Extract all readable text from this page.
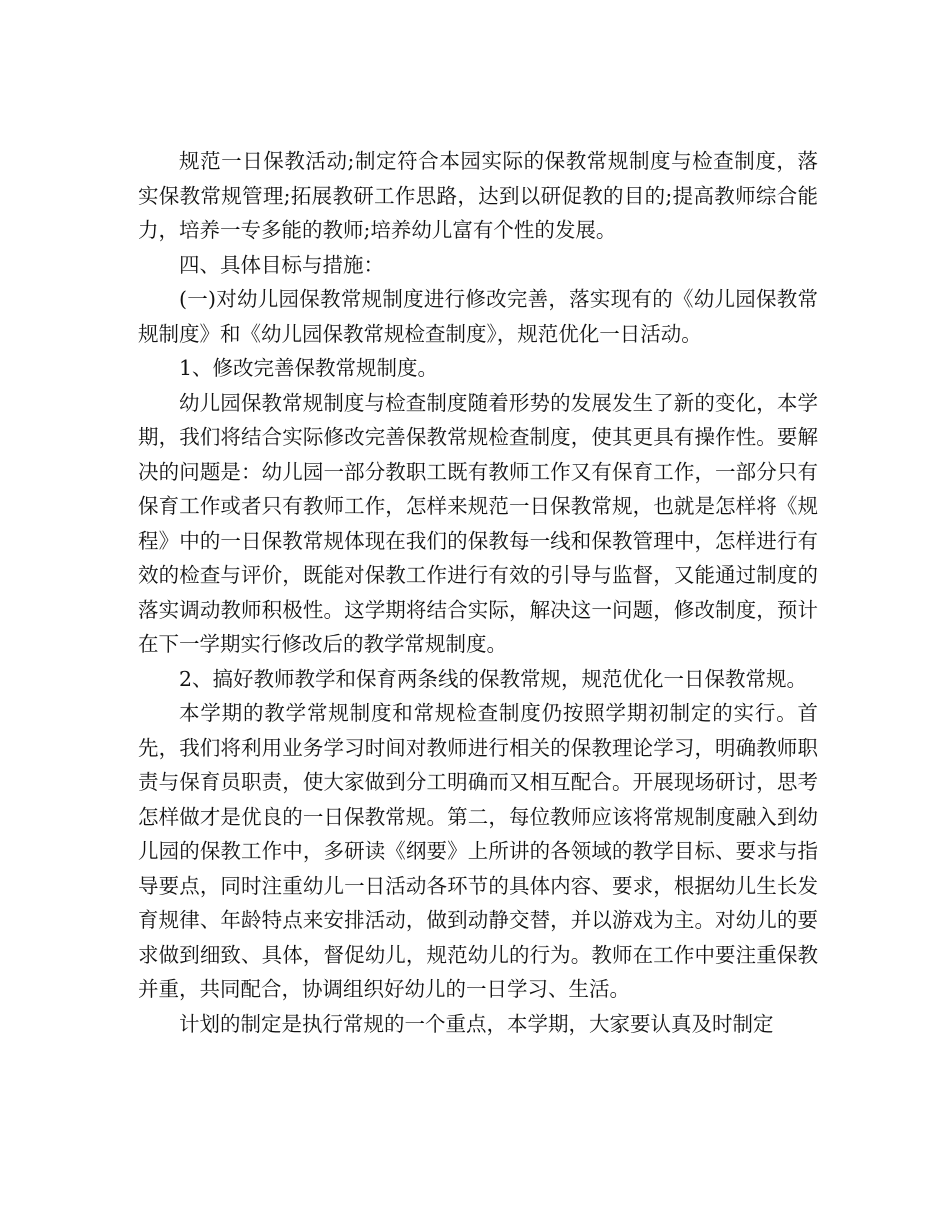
规范一日保教活动;制定符合本园实际的保教常规制度与检查制度，落实保教常规管理;拓展教研工作思路，达到以研促教的目的;提高教师综合能力，培养一专多能的教师;培养幼儿富有个性的发展。

四、具体目标与措施：

(一)对幼儿园保教常规制度进行修改完善，落实现有的《幼儿园保教常规制度》和《幼儿园保教常规检查制度》，规范优化一日活动。

1、修改完善保教常规制度。

幼儿园保教常规制度与检查制度随着形势的发展发生了新的变化，本学期，我们将结合实际修改完善保教常规检查制度，使其更具有操作性。要解决的问题是：幼儿园一部分教职工既有教师工作又有保育工作，一部分只有保育工作或者只有教师工作，怎样来规范一日保教常规，也就是怎样将《规程》中的一日保教常规体现在我们的保教每一线和保教管理中，怎样进行有效的检查与评价，既能对保教工作进行有效的引导与监督，又能通过制度的落实调动教师积极性。这学期将结合实际，解决这一问题，修改制度，预计在下一学期实行修改后的教学常规制度。

2、搞好教师教学和保育两条线的保教常规，规范优化一日保教常规。

本学期的教学常规制度和常规检查制度仍按照学期初制定的实行。首先，我们将利用业务学习时间对教师进行相关的保教理论学习，明确教师职责与保育员职责，使大家做到分工明确而又相互配合。开展现场研讨，思考怎样做才是优良的一日保教常规。第二，每位教师应该将常规制度融入到幼儿园的保教工作中，多研读《纲要》上所讲的各领域的教学目标、要求与指导要点，同时注重幼儿一日活动各环节的具体内容、要求，根据幼儿生长发育规律、年龄特点来安排活动，做到动静交替，并以游戏为主。对幼儿的要求做到细致、具体，督促幼儿，规范幼儿的行为。教师在工作中要注重保教并重，共同配合，协调组织好幼儿的一日学习、生活。

计划的制定是执行常规的一个重点，本学期，大家要认真及时制定
